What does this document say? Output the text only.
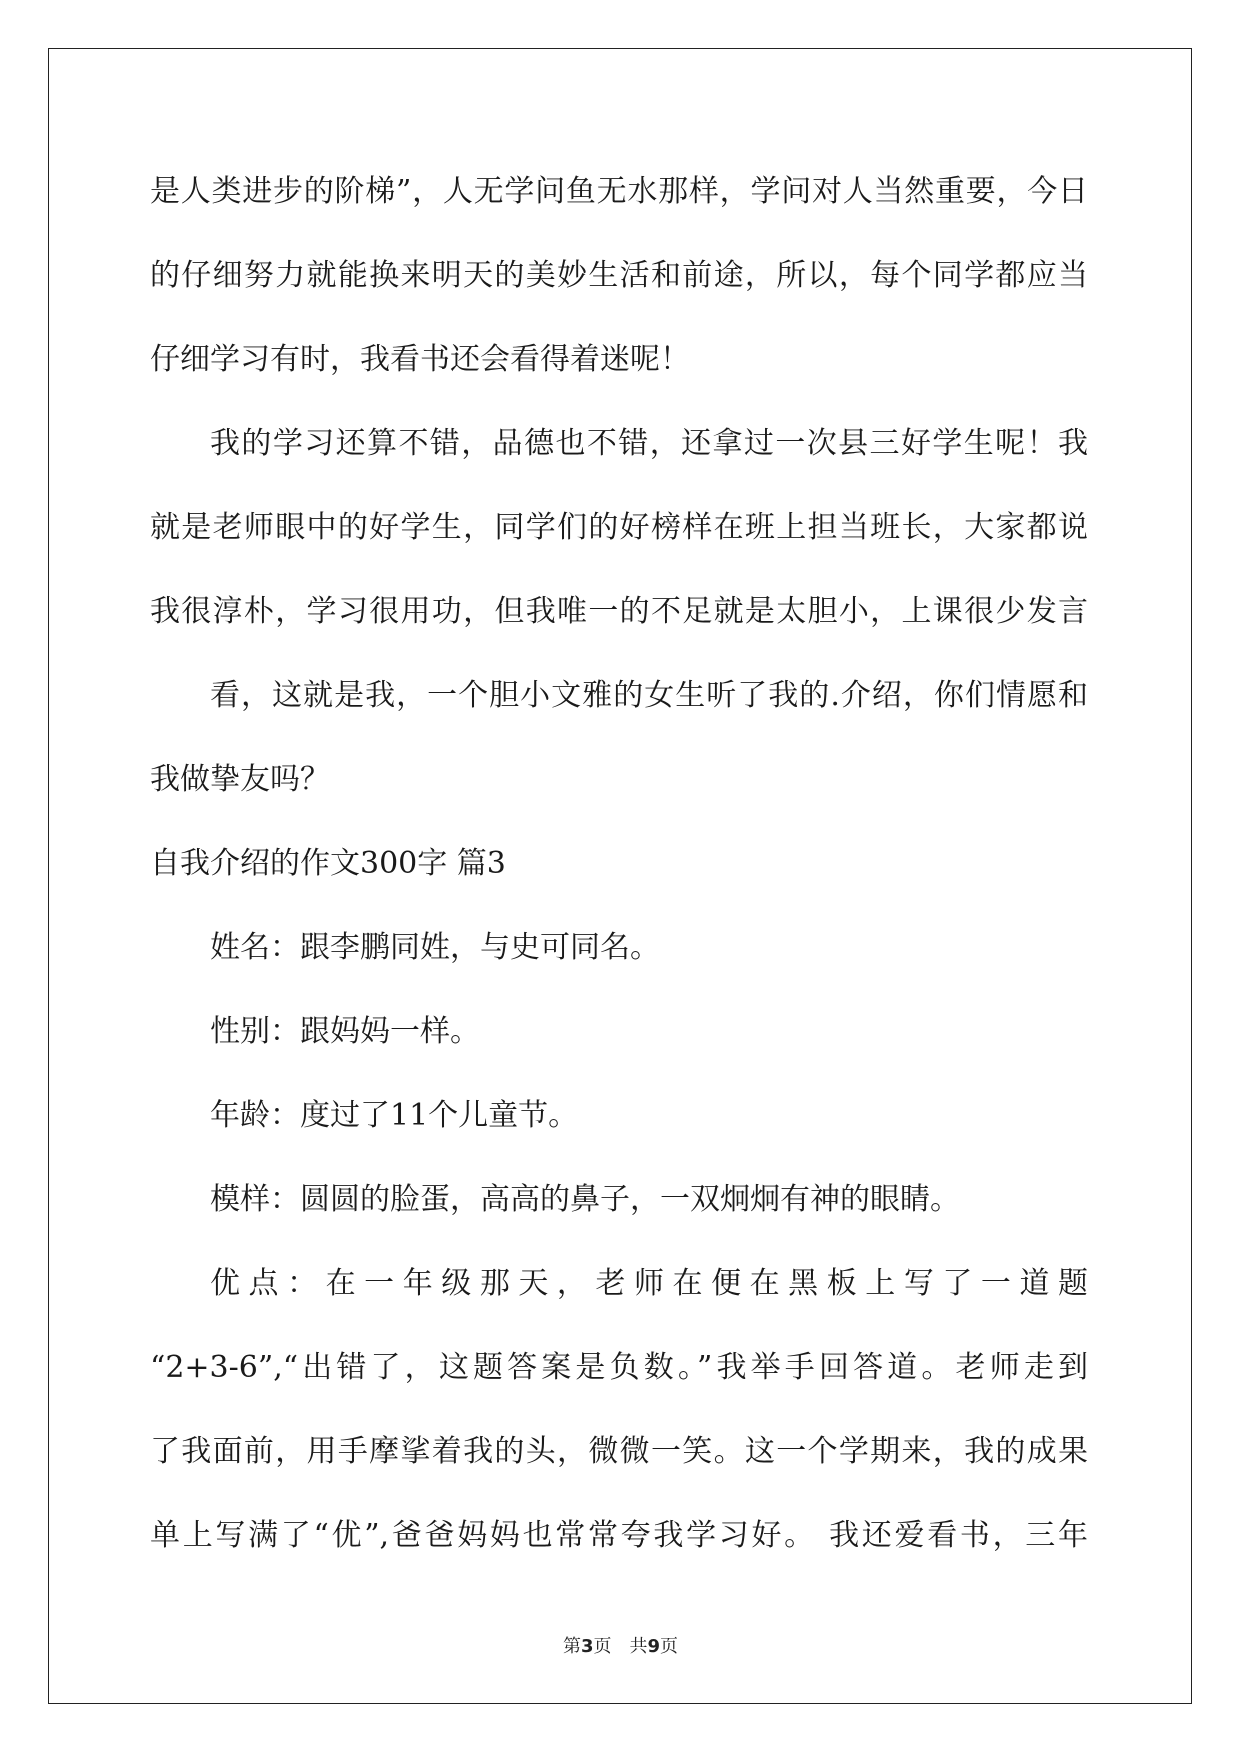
是人类进步的阶梯”，人无学问鱼无水那样，学问对人当然重要，今日
的仔细努力就能换来明天的美妙生活和前途，所以，每个同学都应当
仔细学习有时，我看书还会看得着迷呢！
我的学习还算不错，品德也不错，还拿过一次县三好学生呢！我
就是老师眼中的好学生，同学们的好榜样在班上担当班长，大家都说
我很淳朴，学习很用功，但我唯一的不足就是太胆小，上课很少发言
看，这就是我，一个胆小文雅的女生听了我的.介绍，你们情愿和
我做挚友吗？
自我介绍的作文300字 篇3
姓名：跟李鹏同姓，与史可同名。
性别：跟妈妈一样。
年龄：度过了11个儿童节。
模样：圆圆的脸蛋，高高的鼻子，一双炯炯有神的眼睛。
优点：在一年级那天，老师在便在黑板上写了一道题
“2+3-6”,“出错了，这题答案是负数。”我举手回答道。老师走到
了我面前，用手摩挲着我的头，微微一笑。这一个学期来，我的成果
单上写满了“优”,爸爸妈妈也常常夸我学习好。 我还爱看书，三年
第3页　共9页
